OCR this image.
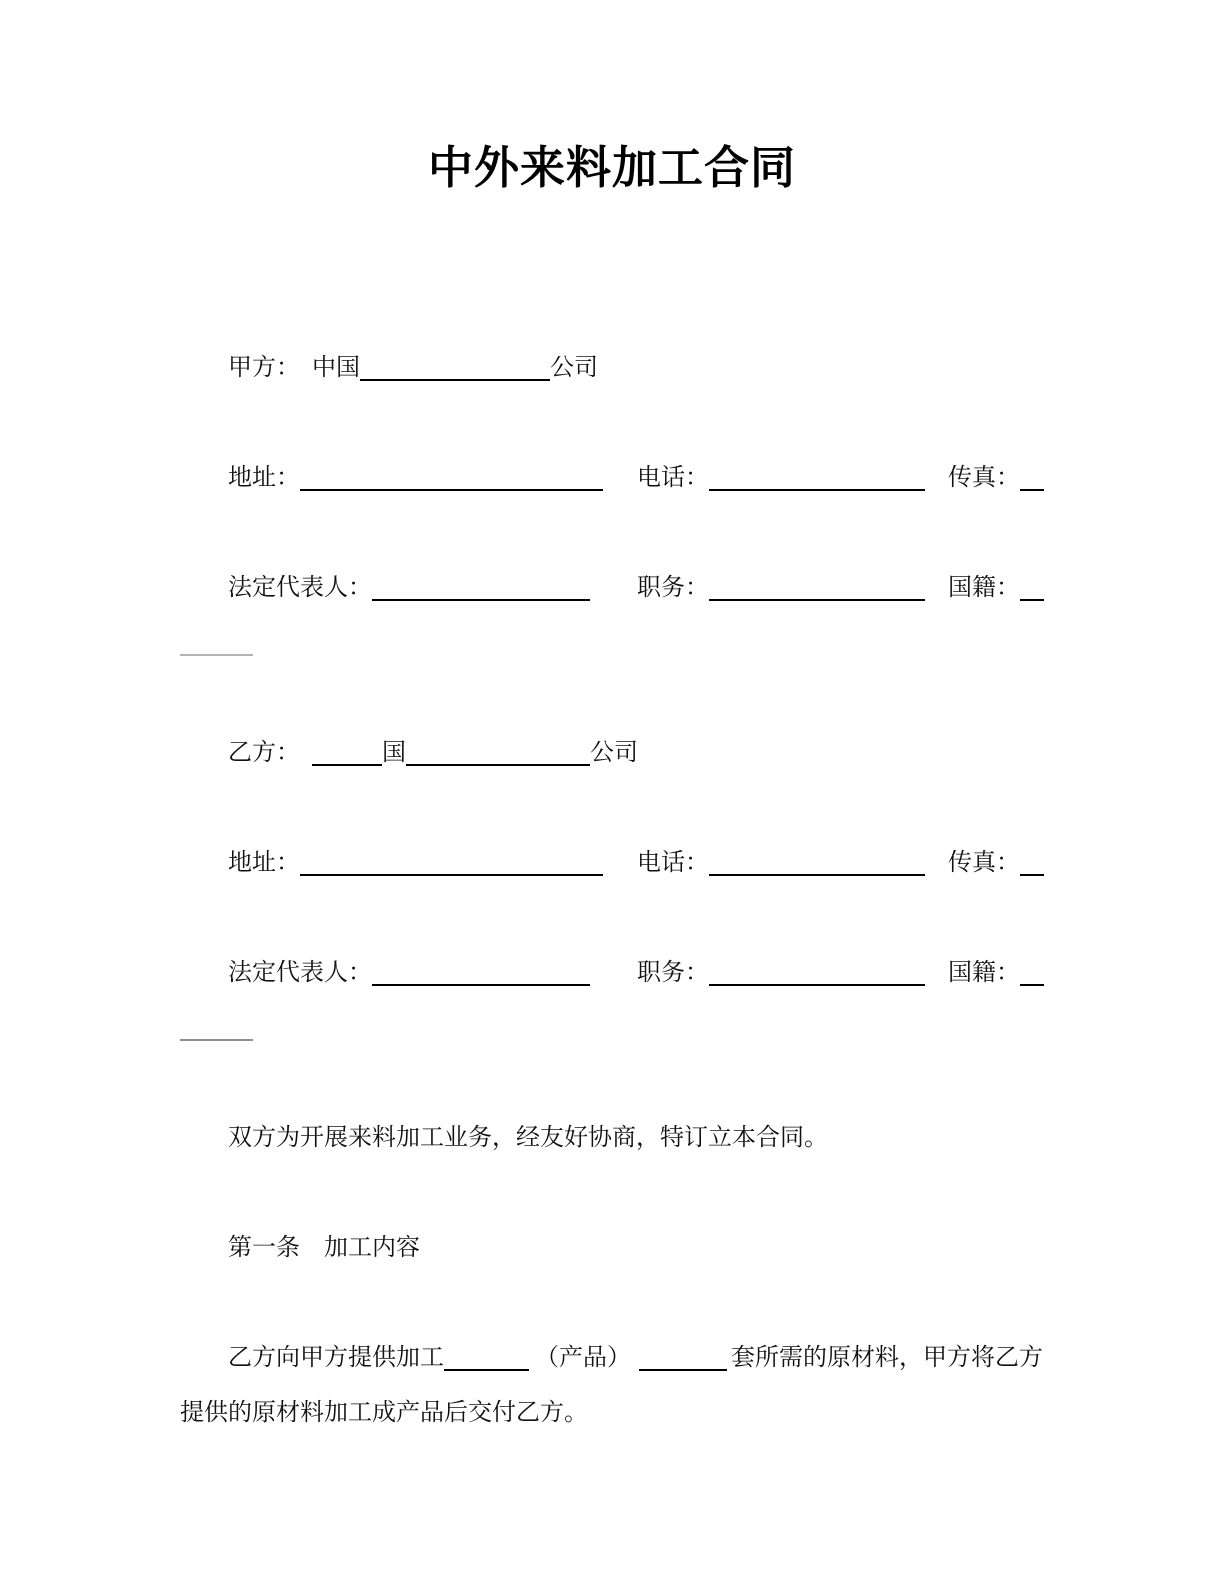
中外来料加工合同
甲方： 中国	公司
地址：	电话：	传真：
法定代表人：	职务：	国籍：
乙方：	国	公司
地址：	电话：	传真：
法定代表人：	职务：	国籍：
双方为开展来料加工业务，经友好协商，特订立本合同。
第一条　加工内容
乙方向甲方提供加工	（产品）	套所需的原材料，甲方将乙方
提供的原材料加工成产品后交付乙方。
